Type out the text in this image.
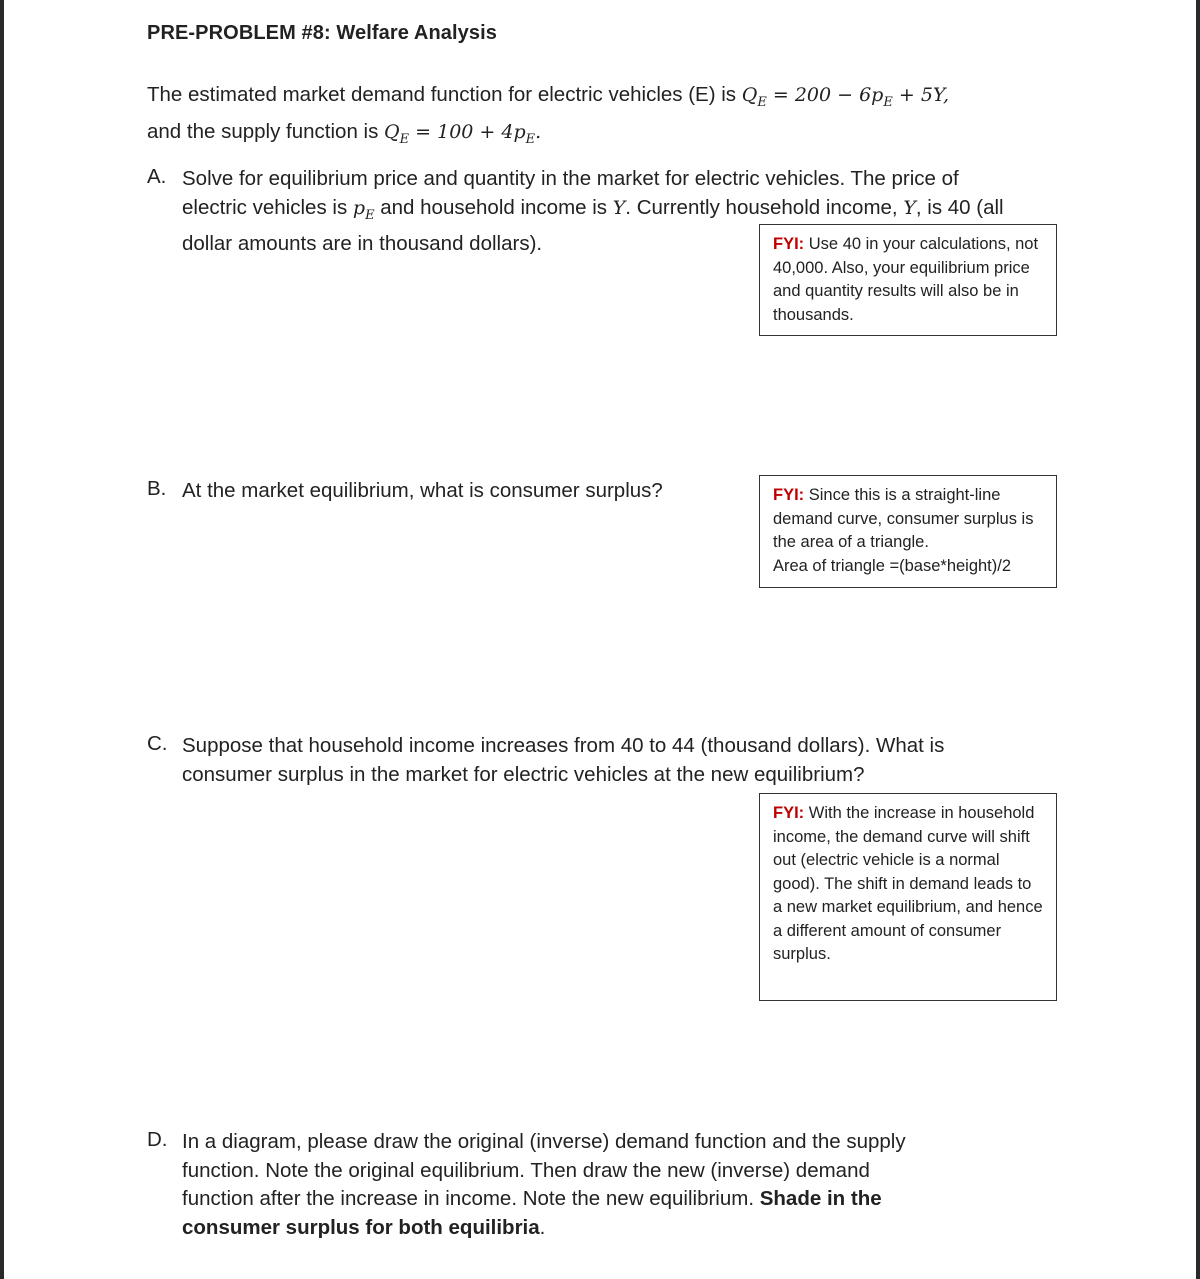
PRE-PROBLEM #8: Welfare Analysis
The estimated market demand function for electric vehicles (E) is $Q_E = 200 - 6p_E + 5Y$,
and the supply function is $Q_E = 100 + 4p_E$.
A. Solve for equilibrium price and quantity in the market for electric vehicles. The price of electric vehicles is $p_E$ and household income is Y. Currently household income, Y, is 40 (all dollar amounts are in thousand dollars).	FYI: Use 40 in your calculations, not 40,000. Also, your equilibrium price and quantity results will also be in thousands.
B. At the market equilibrium, what is consumer surplus?	FYI: Since this is a straight-line demand curve, consumer surplus is the area of a triangle.
Area of triangle =(base*height)/2
C. Suppose that household income increases from 40 to 44 (thousand dollars). What is consumer surplus in the market for electric vehicles at the new equilibrium?
FYI: With the increase in household income, the demand curve will shift out (electric vehicle is a normal good). The shift in demand leads to a new market equilibrium, and hence a different amount of consumer surplus.
D. In a diagram, please draw the original (inverse) demand function and the supply function. Note the original equilibrium. Then draw the new (inverse) demand function after the increase in income. Note the new equilibrium. Shade in the consumer surplus for both equilibria.
